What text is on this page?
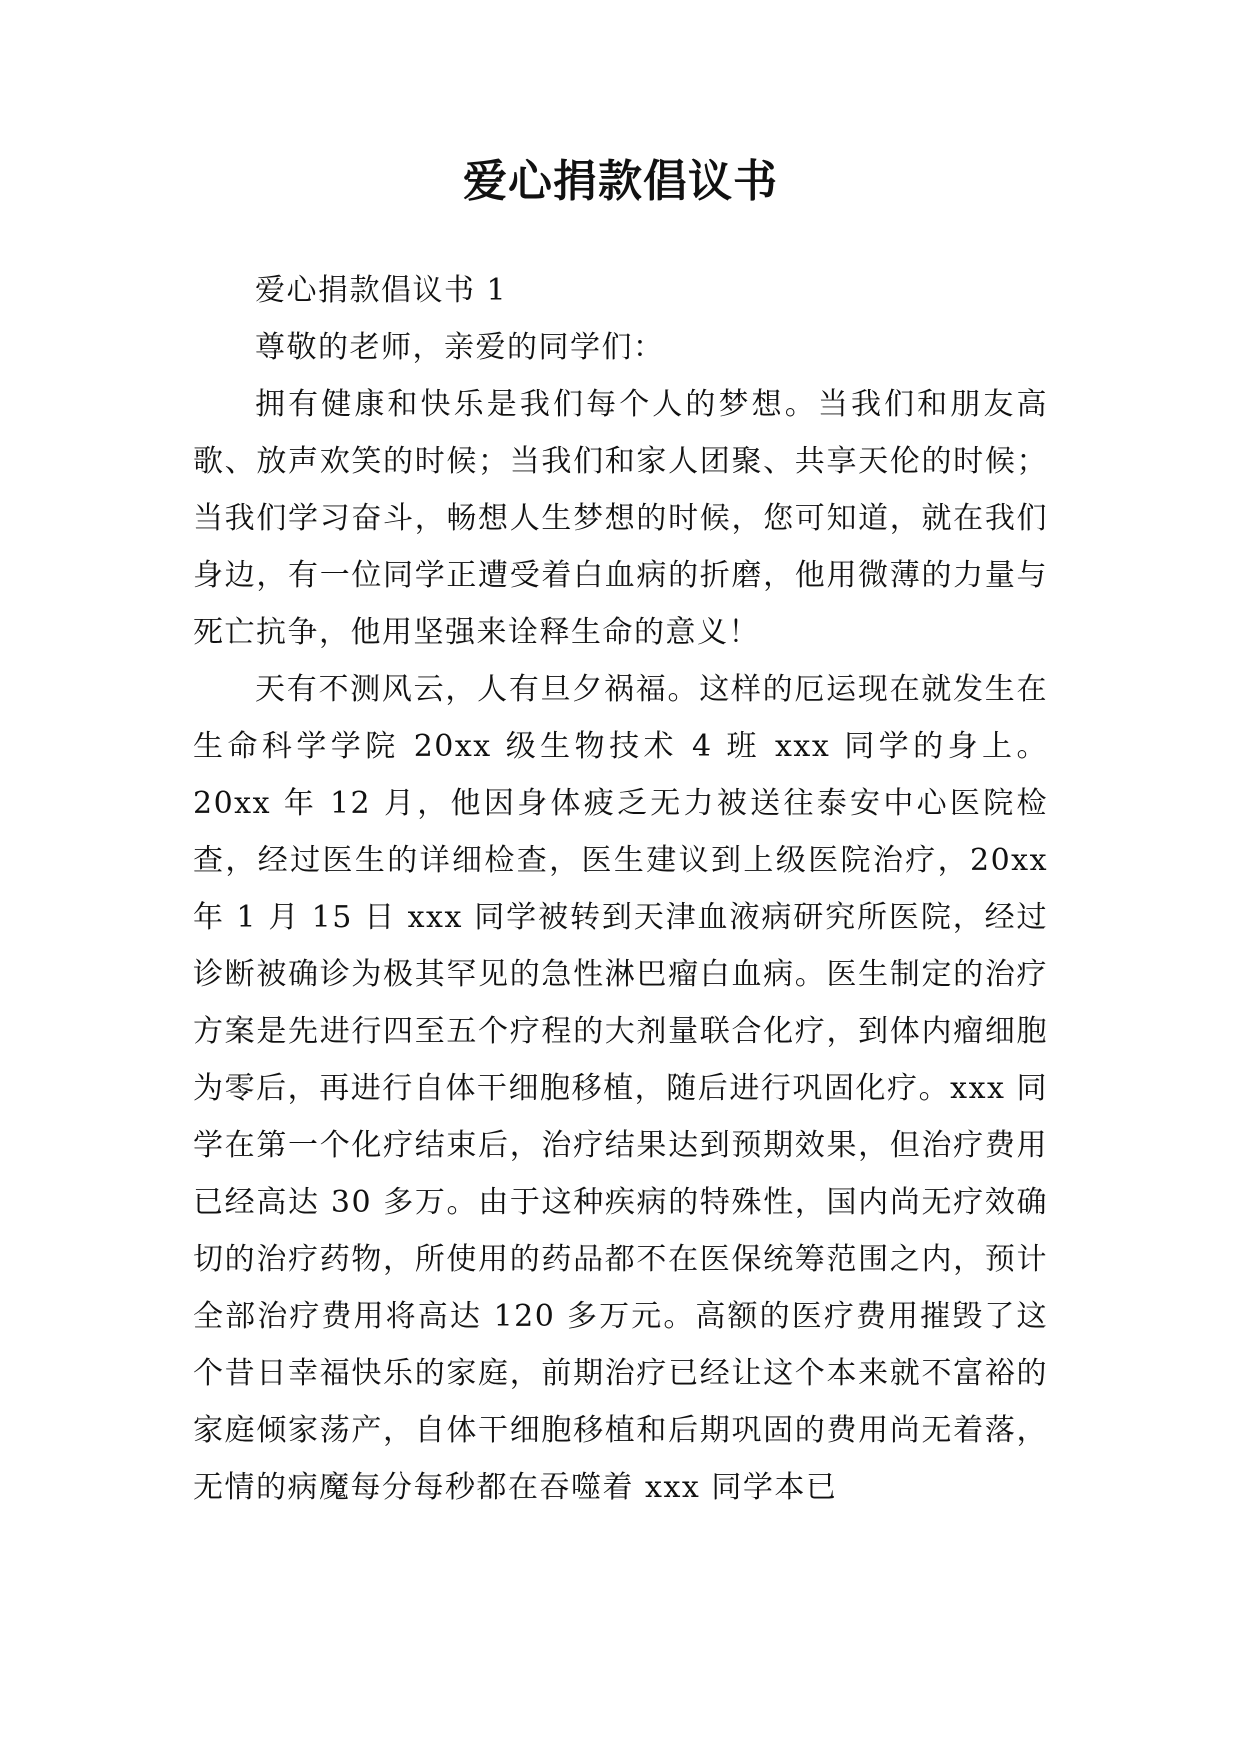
爱心捐款倡议书

爱心捐款倡议书 1

尊敬的老师，亲爱的同学们：

拥有健康和快乐是我们每个人的梦想。当我们和朋友高歌、放声欢笑的时候；当我们和家人团聚、共享天伦的时候；当我们学习奋斗，畅想人生梦想的时候，您可知道，就在我们身边，有一位同学正遭受着白血病的折磨，他用微薄的力量与死亡抗争，他用坚强来诠释生命的意义！

天有不测风云，人有旦夕祸福。这样的厄运现在就发生在生命科学学院 20xx 级生物技术 4 班 xxx 同学的身上。20xx 年 12 月，他因身体疲乏无力被送往泰安中心医院检查，经过医生的详细检查，医生建议到上级医院治疗，20xx 年 1 月 15 日 xxx 同学被转到天津血液病研究所医院，经过诊断被确诊为极其罕见的急性淋巴瘤白血病。医生制定的治疗方案是先进行四至五个疗程的大剂量联合化疗，到体内瘤细胞为零后，再进行自体干细胞移植，随后进行巩固化疗。xxx 同学在第一个化疗结束后，治疗结果达到预期效果，但治疗费用已经高达 30 多万。由于这种疾病的特殊性，国内尚无疗效确切的治疗药物，所使用的药品都不在医保统筹范围之内，预计全部治疗费用将高达 120 多万元。高额的医疗费用摧毁了这个昔日幸福快乐的家庭，前期治疗已经让这个本来就不富裕的家庭倾家荡产，自体干细胞移植和后期巩固的费用尚无着落，无情的病魔每分每秒都在吞噬着 xxx 同学本已
